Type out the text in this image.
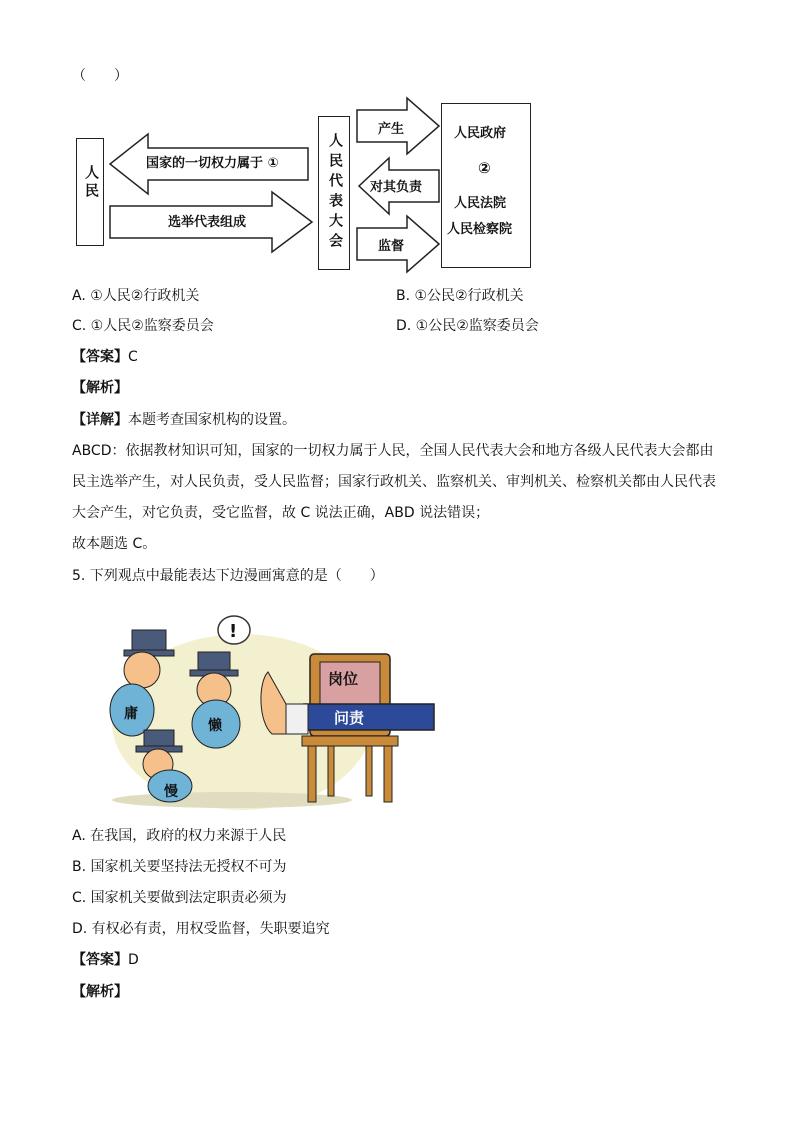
（　　）
人民
国家的一切权力属于 ①
选举代表组成	人民代表大会
产生
对其负责
监督
人民政府
②
人民法院
人民检察院
A. ①人民②行政机关	B. ①公民②行政机关
C. ①人民②监察委员会	D. ①公民②监察委员会
【答案】C
【解析】
【详解】本题考查国家机构的设置。
ABCD：依据教材知识可知，国家的一切权力属于人民，全国人民代表大会和地方各级人民代表大会都由
民主选举产生，对人民负责，受人民监督；国家行政机关、监察机关、审判机关、检察机关都由人民代表
大会产生，对它负责，受它监督，故 C 说法正确，ABD 说法错误；
故本题选 C。
5. 下列观点中最能表达下边漫画寓意的是（　　）
!
庸
懒
慢
岗位
问责
A. 在我国，政府的权力来源于人民
B. 国家机关要坚持法无授权不可为
C. 国家机关要做到法定职责必须为
D. 有权必有责，用权受监督，失职要追究
【答案】D
【解析】
